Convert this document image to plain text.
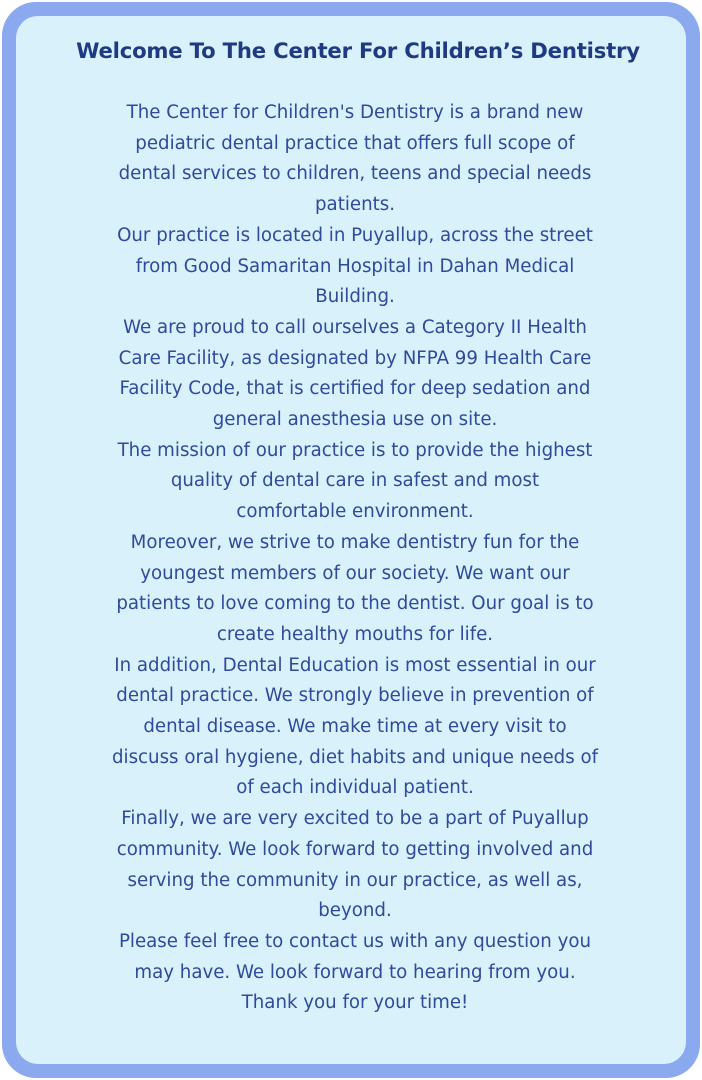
Welcome To The Center For Children’s Dentistry
The Center for Children's Dentistry is a brand new
pediatric dental practice that offers full scope of
dental services to children, teens and special needs
patients.
Our practice is located in Puyallup, across the street
from Good Samaritan Hospital in Dahan Medical
Building.
We are proud to call ourselves a Category II Health
Care Facility, as designated by NFPA 99 Health Care
Facility Code, that is certified for deep sedation and
general anesthesia use on site.
The mission of our practice is to provide the highest
quality of dental care in safest and most
comfortable environment.
Moreover, we strive to make dentistry fun for the
youngest members of our society. We want our
patients to love coming to the dentist. Our goal is to
create healthy mouths for life.
In addition, Dental Education is most essential in our
dental practice. We strongly believe in prevention of
dental disease. We make time at every visit to
discuss oral hygiene, diet habits and unique needs of
of each individual patient.
Finally, we are very excited to be a part of Puyallup
community. We look forward to getting involved and
serving the community in our practice, as well as,
beyond.
Please feel free to contact us with any question you
may have. We look forward to hearing from you.
Thank you for your time!
